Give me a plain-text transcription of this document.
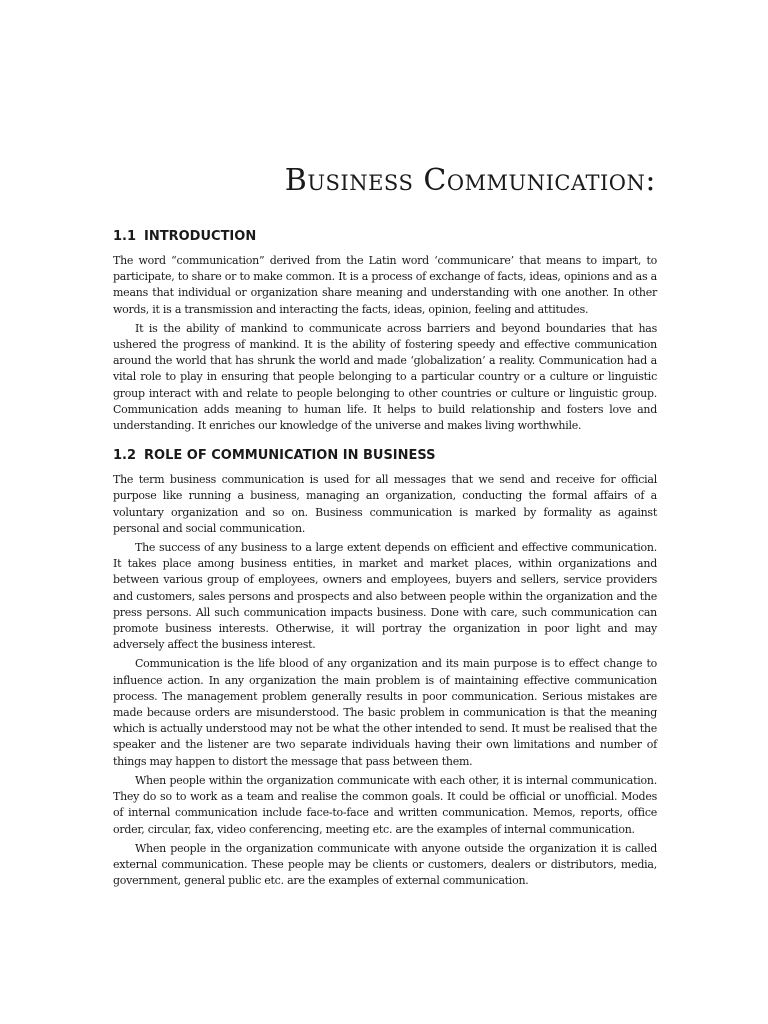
Business Communication:
1.1 INTRODUCTION

The word “communication” derived from the Latin word ‘communicare’ that means to impart, to participate, to share or to make common. It is a process of exchange of facts, ideas, opinions and as a means that individual or organization share meaning and understanding with one another. In other words, it is a transmission and interacting the facts, ideas, opinion, feeling and attitudes.

It is the ability of mankind to communicate across barriers and beyond boundaries that has ushered the progress of mankind. It is the ability of fostering speedy and effective communication around the world that has shrunk the world and made ‘globalization’ a reality. Communication had a vital role to play in ensuring that people belonging to a particular country or a culture or linguistic group interact with and relate to people belonging to other countries or culture or linguistic group. Communication adds meaning to human life. It helps to build relationship and fosters love and understanding. It enriches our knowledge of the universe and makes living worthwhile.

1.2 ROLE OF COMMUNICATION IN BUSINESS

The term business communication is used for all messages that we send and receive for official purpose like running a business, managing an organization, conducting the formal affairs of a voluntary organization and so on. Business communication is marked by formality as against personal and social communication.

The success of any business to a large extent depends on efficient and effective communication. It takes place among business entities, in market and market places, within organizations and between various group of employees, owners and employees, buyers and sellers, service providers and customers, sales persons and prospects and also between people within the organization and the press persons. All such communication impacts business. Done with care, such communication can promote business interests. Otherwise, it will portray the organization in poor light and may adversely affect the business interest.

Communication is the life blood of any organization and its main purpose is to effect change to influence action. In any organization the main problem is of maintaining effective communication process. The management problem generally results in poor communication. Serious mistakes are made because orders are misunderstood. The basic problem in communication is that the meaning which is actually understood may not be what the other intended to send. It must be realised that the speaker and the listener are two separate individuals having their own limitations and number of things may happen to distort the message that pass between them.

When people within the organization communicate with each other, it is internal communication. They do so to work as a team and realise the common goals. It could be official or unofficial. Modes of internal communication include face-to-face and written communication. Memos, reports, office order, circular, fax, video conferencing, meeting etc. are the examples of internal communication.

When people in the organization communicate with anyone outside the organization it is called external communication. These people may be clients or customers, dealers or distributors, media, government, general public etc. are the examples of external communication.
